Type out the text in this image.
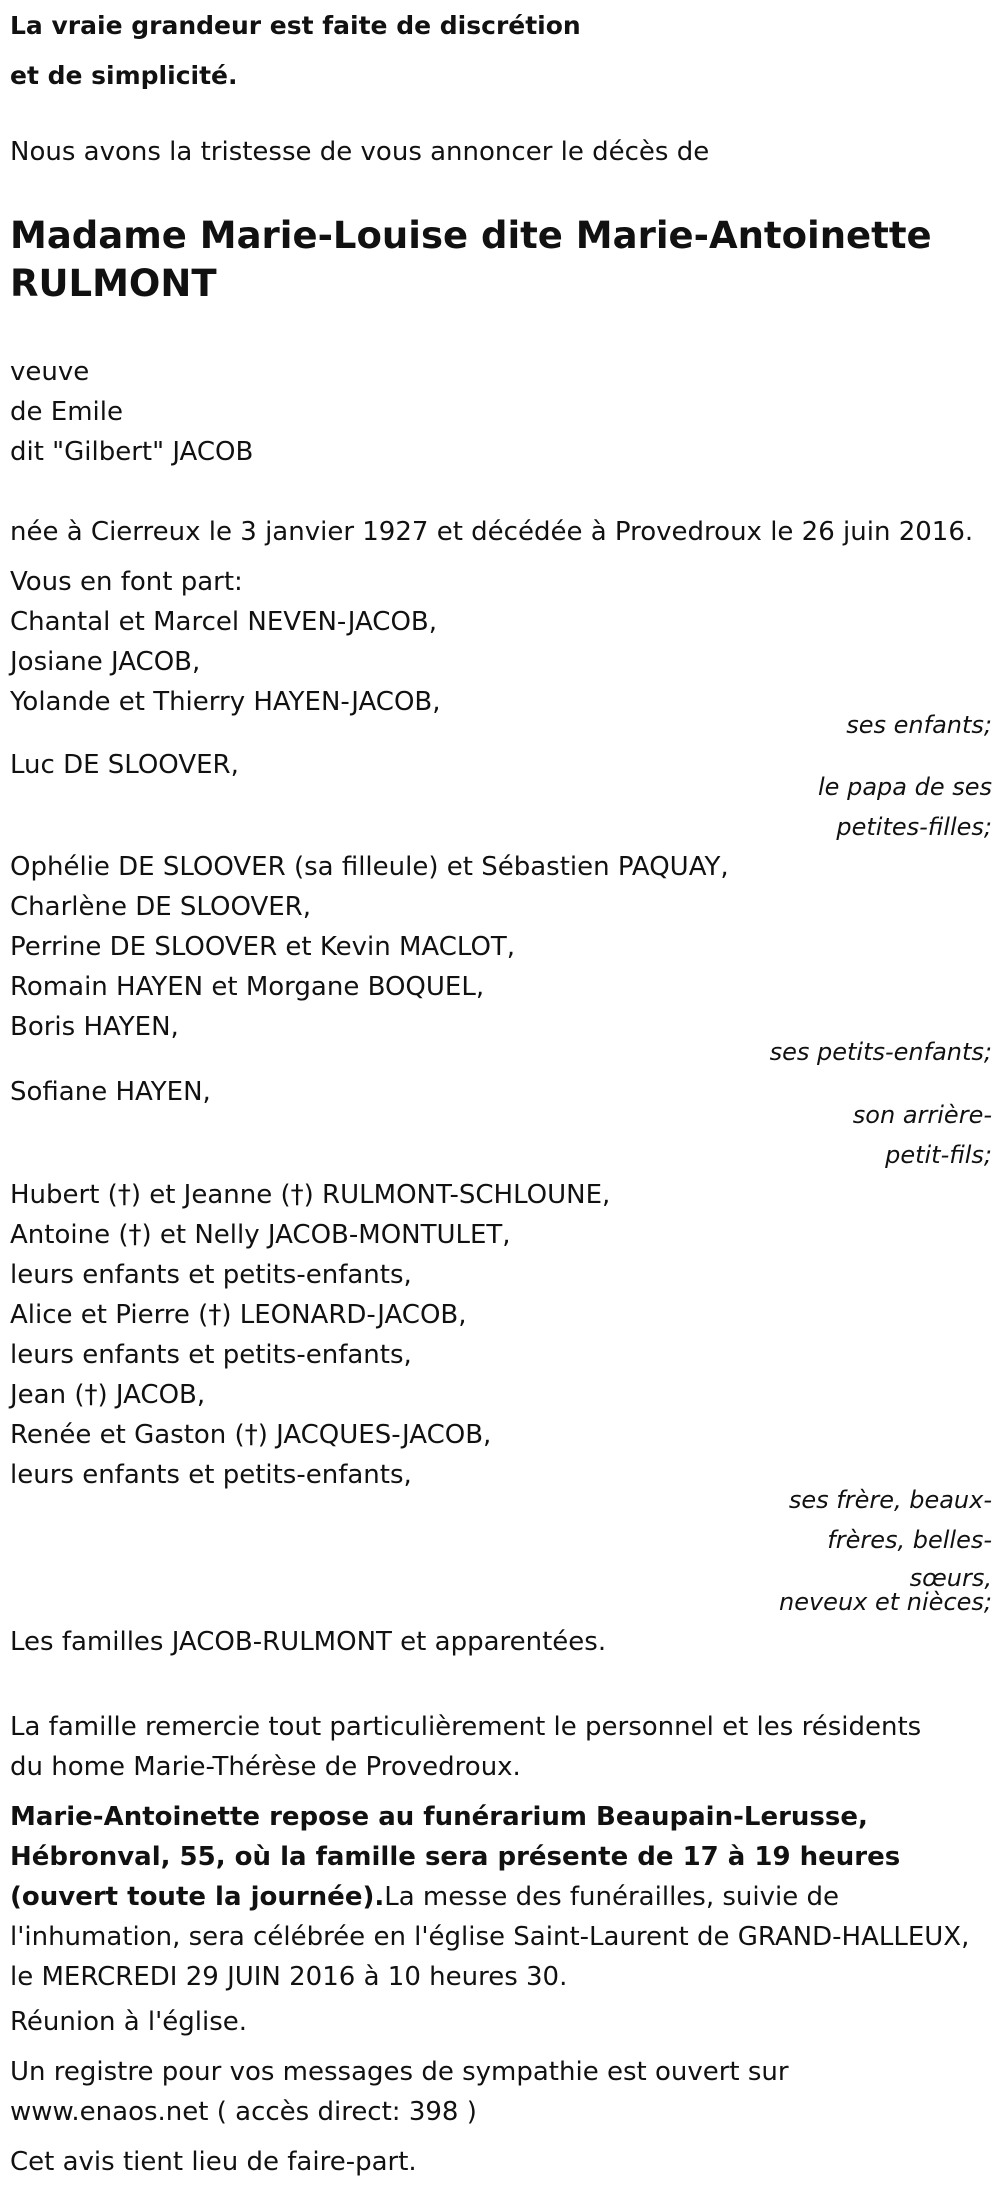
La vraie grandeur est faite de discrétion
et de simplicité.
Nous avons la tristesse de vous annoncer le décès de
Madame Marie-Louise dite Marie-Antoinette
RULMONT
veuve
de Emile
dit "Gilbert" JACOB
née à Cierreux le 3 janvier 1927 et décédée à Provedroux le 26 juin 2016.
Vous en font part:
Chantal et Marcel NEVEN-JACOB,
Josiane JACOB,
Yolande et Thierry HAYEN-JACOB,
ses enfants;
Luc DE SLOOVER,
le papa de ses
petites-filles;
Ophélie DE SLOOVER (sa filleule) et Sébastien PAQUAY,
Charlène DE SLOOVER,
Perrine DE SLOOVER et Kevin MACLOT,
Romain HAYEN et Morgane BOQUEL,
Boris HAYEN,
ses petits-enfants;
Sofiane HAYEN,
son arrière-
petit-fils;
Hubert (†) et Jeanne (†) RULMONT-SCHLOUNE,
Antoine (†) et Nelly JACOB-MONTULET,
leurs enfants et petits-enfants,
Alice et Pierre (†) LEONARD-JACOB,
leurs enfants et petits-enfants,
Jean (†) JACOB,
Renée et Gaston (†) JACQUES-JACOB,
leurs enfants et petits-enfants,
ses frère, beaux-
frères, belles-
sœurs,
neveux et nièces;
Les familles JACOB-RULMONT et apparentées.
La famille remercie tout particulièrement le personnel et les résidents
du home Marie-Thérèse de Provedroux.
Marie-Antoinette repose au funérarium Beaupain-Lerusse, Hébronval, 55, où la famille sera présente de 17 à 19 heures (ouvert toute la journée).La messe des funérailles, suivie de l'inhumation, sera célébrée en l'église Saint-Laurent de GRAND-HALLEUX, le MERCREDI 29 JUIN 2016 à 10 heures 30.
Réunion à l'église.
Un registre pour vos messages de sympathie est ouvert sur
www.enaos.net ( accès direct: 398 )
Cet avis tient lieu de faire-part.
